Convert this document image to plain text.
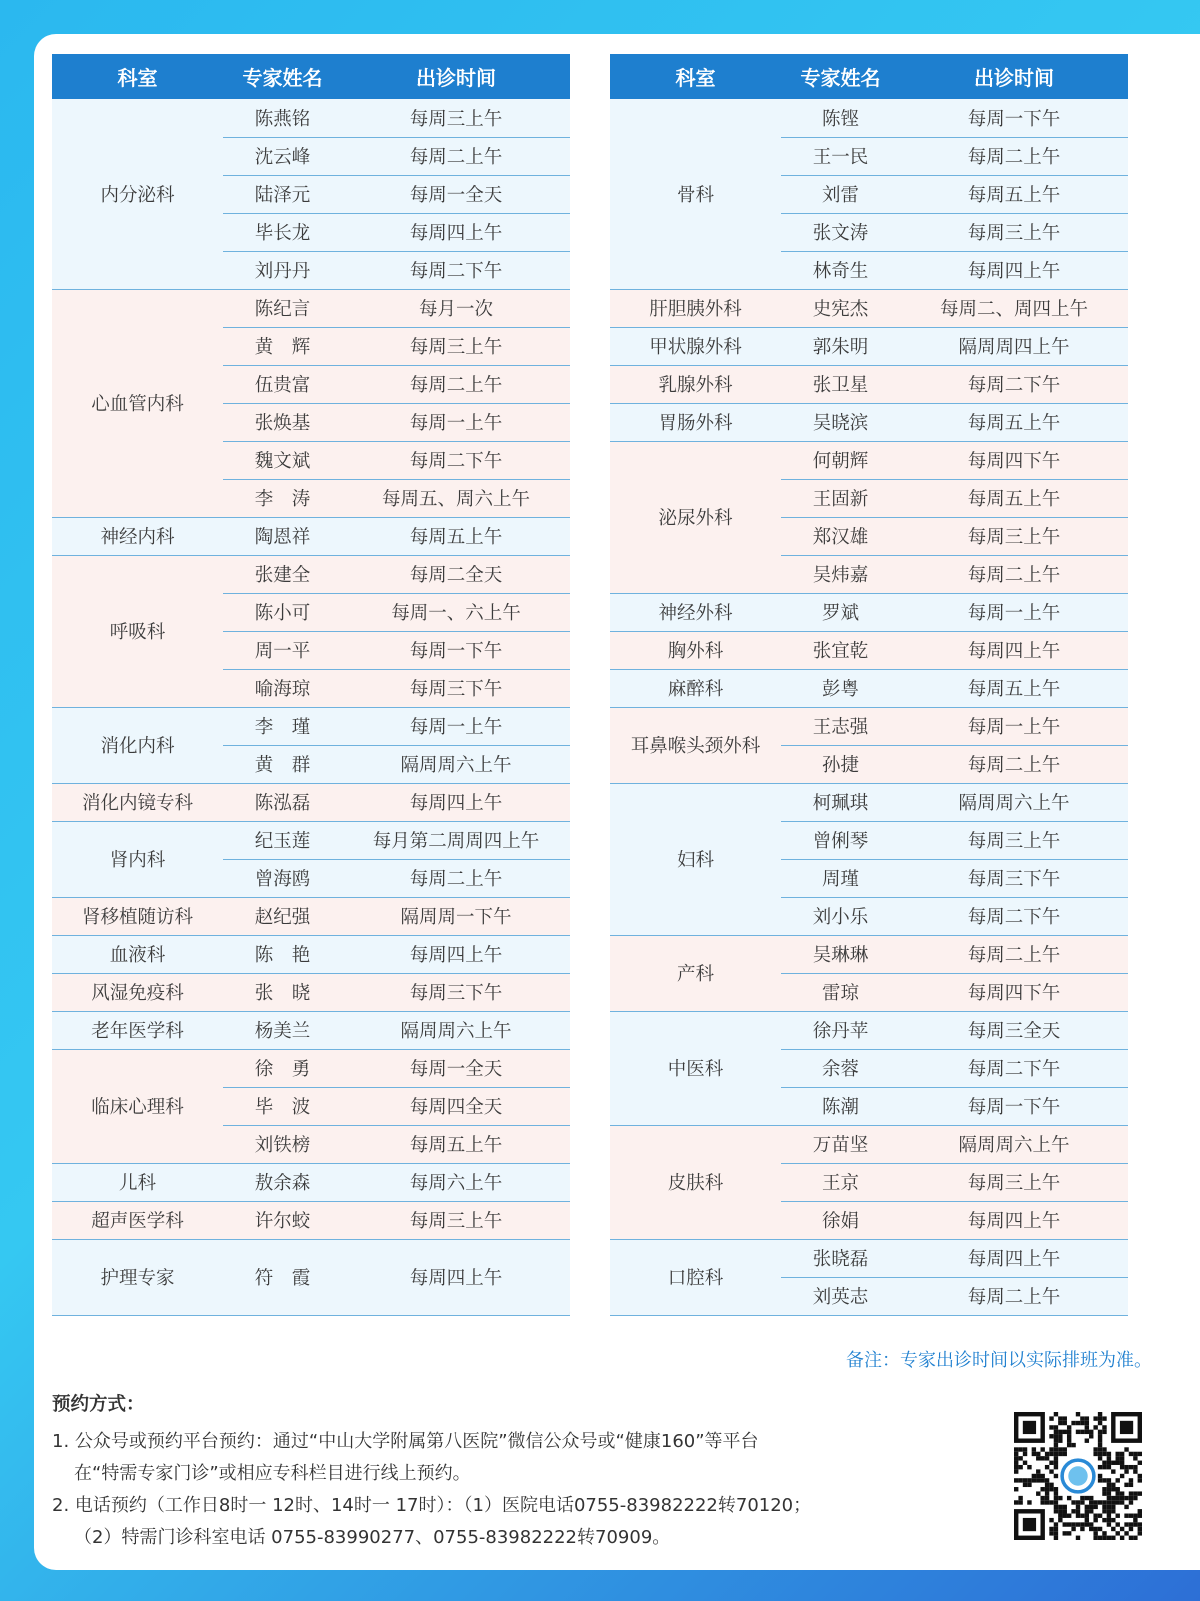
科室	专家姓名	出诊时间
内分泌科	陈燕铭	每周三上午
	沈云峰	每周二上午
	陆泽元	每周一全天
	毕长龙	每周四上午
	刘丹丹	每周二下午
心血管内科	陈纪言	每月一次
	黄　辉	每周三上午
	伍贵富	每周二上午
	张焕基	每周一上午
	魏文斌	每周二下午
	李　涛	每周五、周六上午
神经内科	陶恩祥	每周五上午
呼吸科	张建全	每周二全天
	陈小可	每周一、六上午
	周一平	每周一下午
	喻海琼	每周三下午
消化内科	李　瑾	每周一上午
	黄　群	隔周周六上午
消化内镜专科	陈泓磊	每周四上午
肾内科	纪玉莲	每月第二周周四上午
	曾海鸥	每周二上午
肾移植随访科	赵纪强	隔周周一下午
血液科	陈　艳	每周四上午
风湿免疫科	张　晓	每周三下午
老年医学科	杨美兰	隔周周六上午
临床心理科	徐　勇	每周一全天
	毕　波	每周四全天
	刘铁榜	每周五上午
儿科	敖余森	每周六上午
超声医学科	许尔蛟	每周三上午
护理专家	符　霞	每周四上午
科室	专家姓名	出诊时间
骨科	陈铿	每周一下午
	王一民	每周二上午
	刘雷	每周五上午
	张文涛	每周三上午
	林奇生	每周四上午
肝胆胰外科	史宪杰	每周二、周四上午
甲状腺外科	郭朱明	隔周周四上午
乳腺外科	张卫星	每周二下午
胃肠外科	吴晓滨	每周五上午
泌尿外科	何朝辉	每周四下午
	王固新	每周五上午
	郑汉雄	每周三上午
	吴炜嘉	每周二上午
神经外科	罗斌	每周一上午
胸外科	张宜乾	每周四上午
麻醉科	彭粤	每周五上午
耳鼻喉头颈外科	王志强	每周一上午
	孙捷	每周二上午
妇科	柯珮琪	隔周周六上午
	曾俐琴	每周三上午
	周瑾	每周三下午
	刘小乐	每周二下午
产科	吴琳琳	每周二上午
	雷琼	每周四下午
中医科	徐丹苹	每周三全天
	余蓉	每周二下午
	陈潮	每周一下午
皮肤科	万苗坚	隔周周六上午
	王京	每周三上午
	徐娟	每周四上午
口腔科	张晓磊	每周四上午
	刘英志	每周二上午
备注：专家出诊时间以实际排班为准。

预约方式：

1. 公众号或预约平台预约：通过“中山大学附属第八医院”微信公众号或“健康160”等平台

在“特需专家门诊”或相应专科栏目进行线上预约。

2. 电话预约（工作日8时一 12时、14时一 17时）：（1）医院电话0755-83982222转70120；

（2）特需门诊科室电话 0755-83990277、0755-83982222转70909。
